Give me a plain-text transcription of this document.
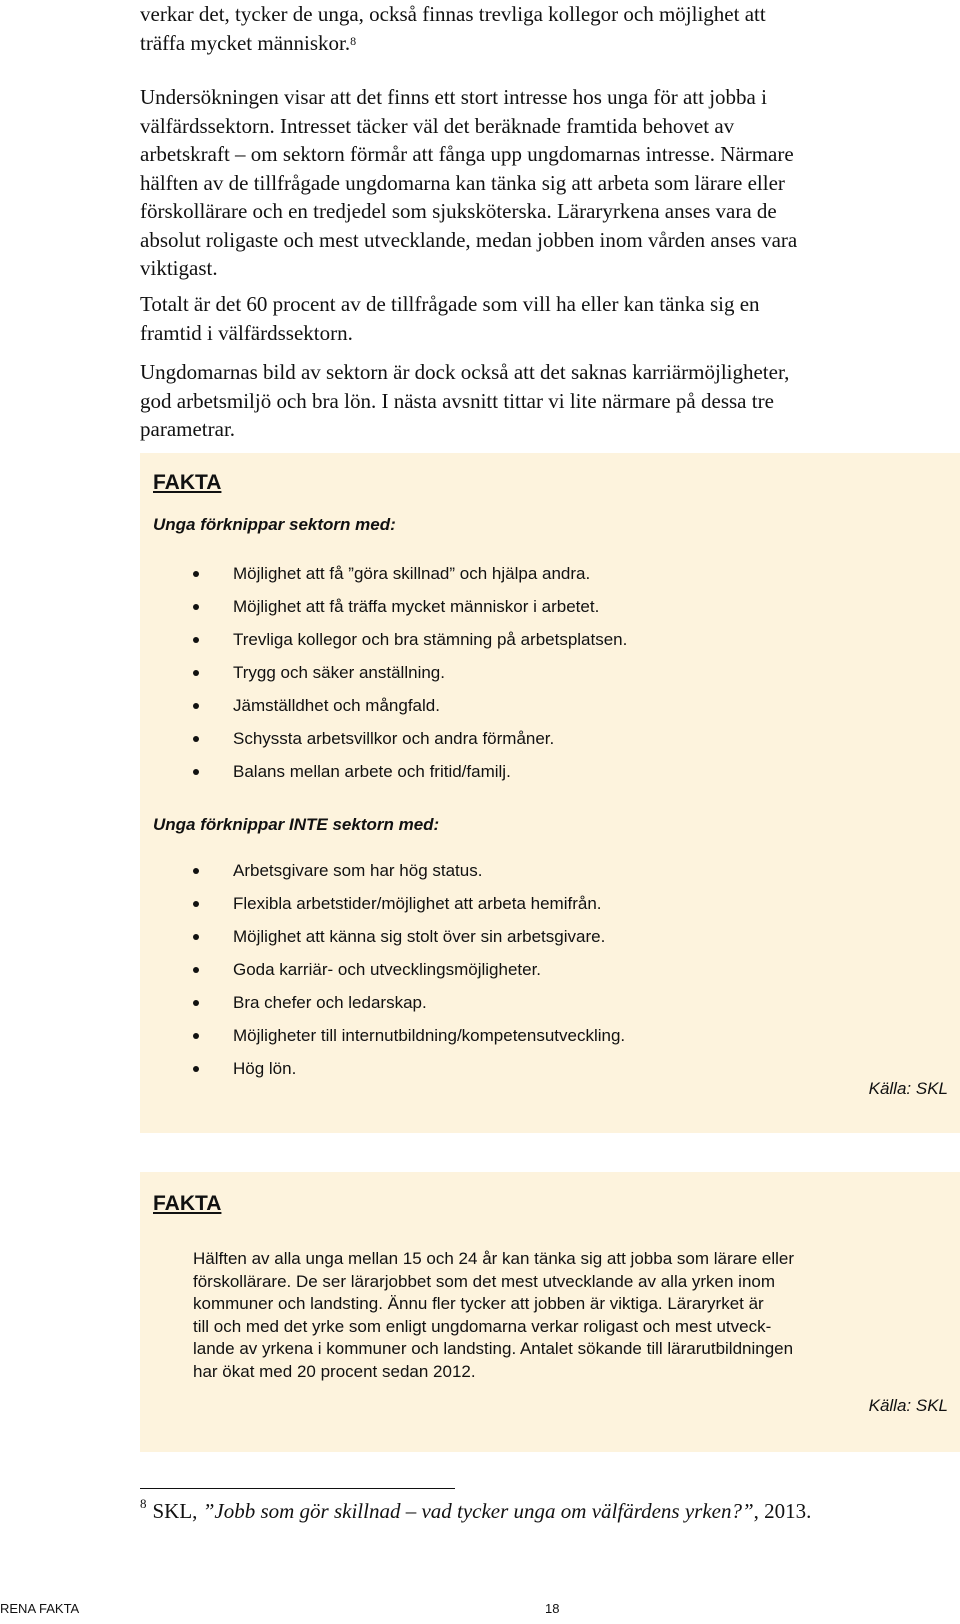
verkar det, tycker de unga, också finnas trevliga kollegor och möjlighet att
träffa mycket människor.$^8$

Undersökningen visar att det finns ett stort intresse hos unga för att jobba i
välfärdssektorn. Intresset täcker väl det beräknade framtida behovet av
arbetskraft – om sektorn förmår att fånga upp ungdomarnas intresse. Närmare
hälften av de tillfrågade ungdomarna kan tänka sig att arbeta som lärare eller
förskollärare och en tredjedel som sjuksköterska. Läraryrkena anses vara de
absolut roligaste och mest utvecklande, medan jobben inom vården anses vara
viktigast.

Totalt är det 60 procent av de tillfrågade som vill ha eller kan tänka sig en
framtid i välfärdssektorn.

Ungdomarnas bild av sektorn är dock också att det saknas karriärmöjligheter,
god arbetsmiljö och bra lön. I nästa avsnitt tittar vi lite närmare på dessa tre
parametrar.

FAKTA

Unga förknippar sektorn med:

Möjlighet att få ”göra skillnad” och hjälpa andra.
Möjlighet att få träffa mycket människor i arbetet.
Trevliga kollegor och bra stämning på arbetsplatsen.
Trygg och säker anställning.
Jämställdhet och mångfald.
Schyssta arbetsvillkor och andra förmåner.
Balans mellan arbete och fritid/familj.

Unga förknippar INTE sektorn med:

Arbetsgivare som har hög status.
Flexibla arbetstider/möjlighet att arbeta hemifrån.
Möjlighet att känna sig stolt över sin arbetsgivare.
Goda karriär- och utvecklingsmöjligheter.
Bra chefer och ledarskap.
Möjligheter till internutbildning/kompetensutveckling.
Hög lön.

Källa: SKL

FAKTA

Hälften av alla unga mellan 15 och 24 år kan tänka sig att jobba som lärare eller
förskollärare. De ser lärarjobbet som det mest utvecklande av alla yrken inom
kommuner och landsting. Ännu fler tycker att jobben är viktiga. Läraryrket är
till och med det yrke som enligt ungdomarna verkar roligast och mest utveck-
lande av yrkena i kommuner och landsting. Antalet sökande till lärarutbildningen
har ökat med 20 procent sedan 2012.

Källa: SKL

$^8$ SKL, ”Jobb som gör skillnad – vad tycker unga om välfärdens yrken?”, 2013.

RENA FAKTA	18
